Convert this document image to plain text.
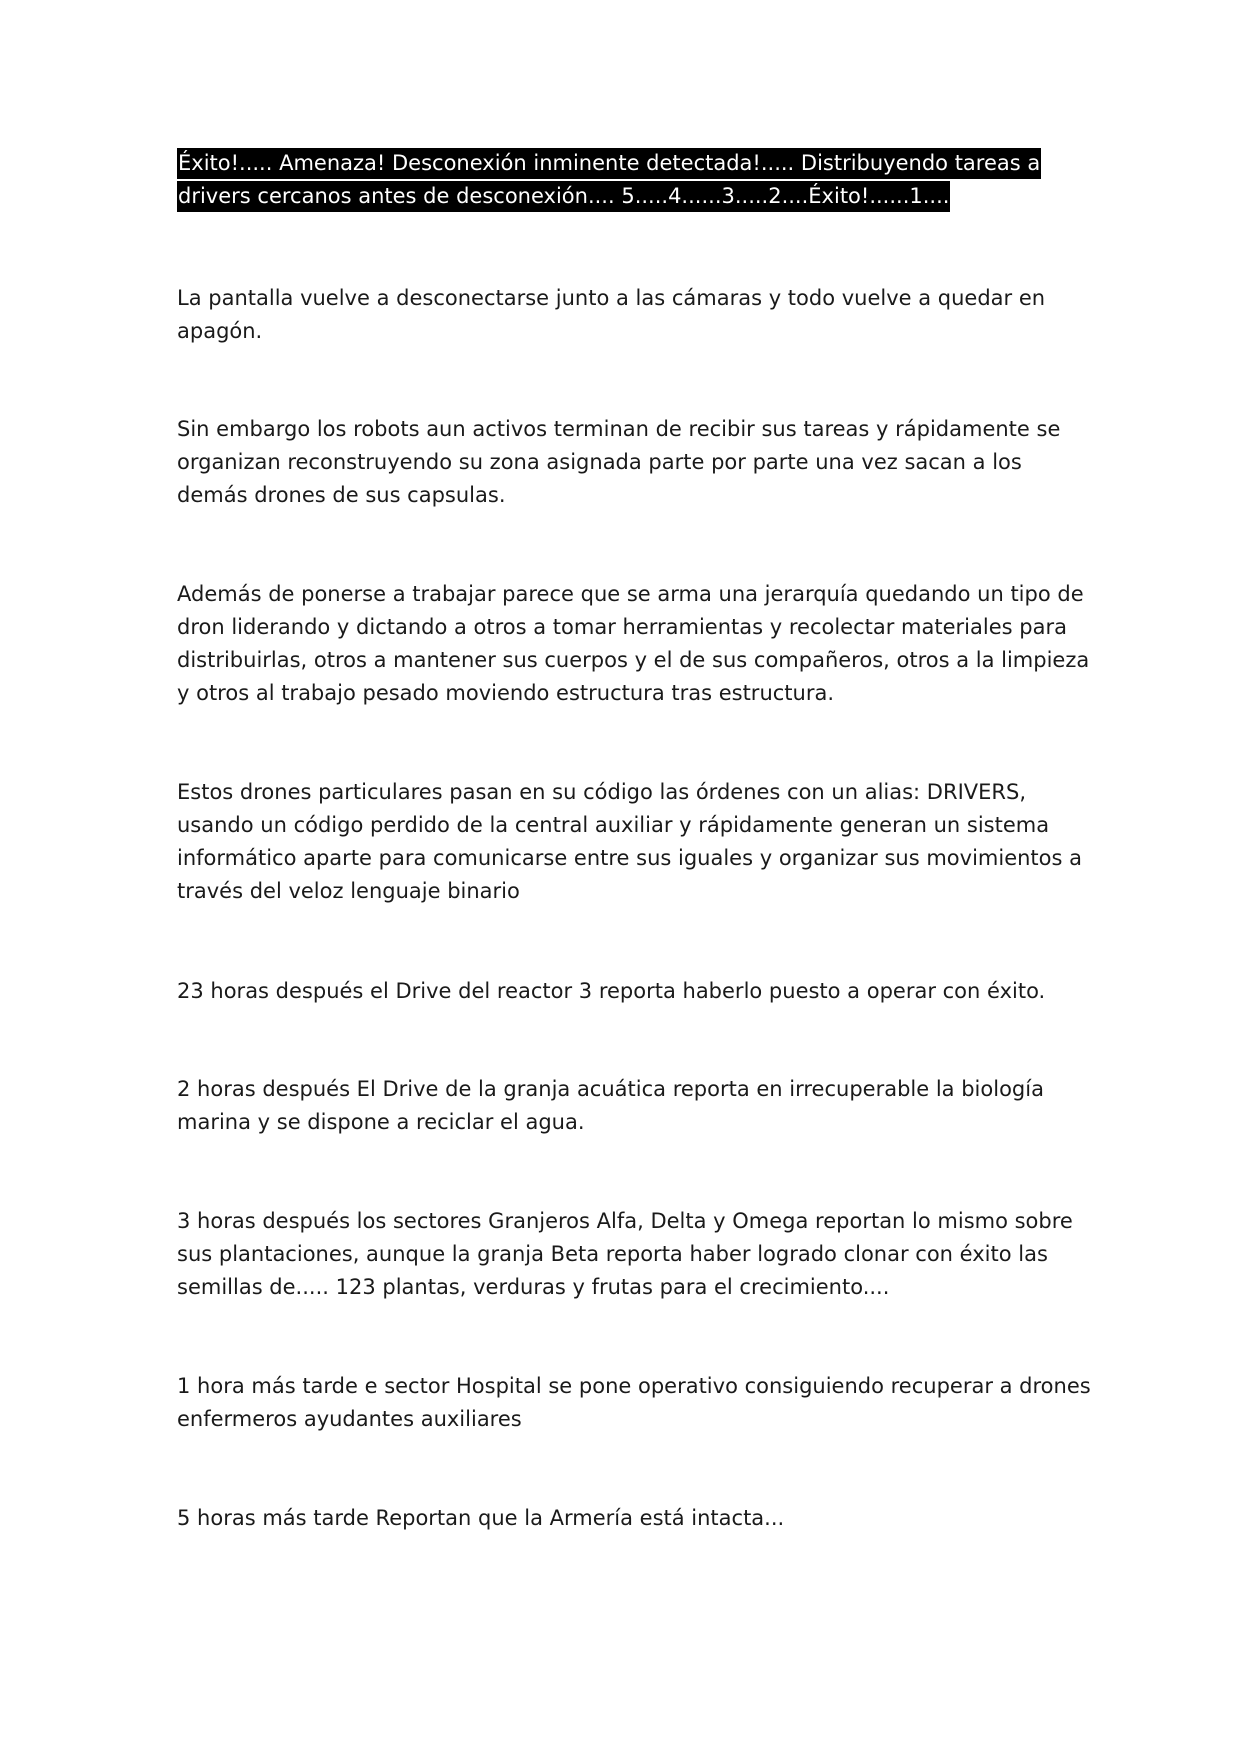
Éxito!..... Amenaza! Desconexión inminente detectada!..... Distribuyendo tareas a
drivers cercanos antes de desconexión.... 5.....4......3.....2....Éxito!......1....

La pantalla vuelve a desconectarse junto a las cámaras y todo vuelve a quedar en apagón.

Sin embargo los robots aun activos terminan de recibir sus tareas y rápidamente se organizan reconstruyendo su zona asignada parte por parte una vez sacan a los demás drones de sus capsulas.

Además de ponerse a trabajar parece que se arma una jerarquía quedando un tipo de dron liderando y dictando a otros a tomar herramientas y recolectar materiales para distribuirlas, otros a mantener sus cuerpos y el de sus compañeros, otros a la limpieza y otros al trabajo pesado moviendo estructura tras estructura.

Estos drones particulares pasan en su código las órdenes con un alias: DRIVERS, usando un código perdido de la central auxiliar y rápidamente generan un sistema informático aparte para comunicarse entre sus iguales y organizar sus movimientos a través del veloz lenguaje binario

23 horas después el Drive del reactor 3 reporta haberlo puesto a operar con éxito.

2 horas después El Drive de la granja acuática reporta en irrecuperable la biología marina y se dispone a reciclar el agua.

3 horas después los sectores Granjeros Alfa, Delta y Omega reportan lo mismo sobre sus plantaciones, aunque la granja Beta reporta haber logrado clonar con éxito las semillas de..... 123 plantas, verduras y frutas para el crecimiento....

1 hora más tarde e sector Hospital se pone operativo consiguiendo recuperar a drones enfermeros ayudantes auxiliares

5 horas más tarde Reportan que la Armería está intacta...
